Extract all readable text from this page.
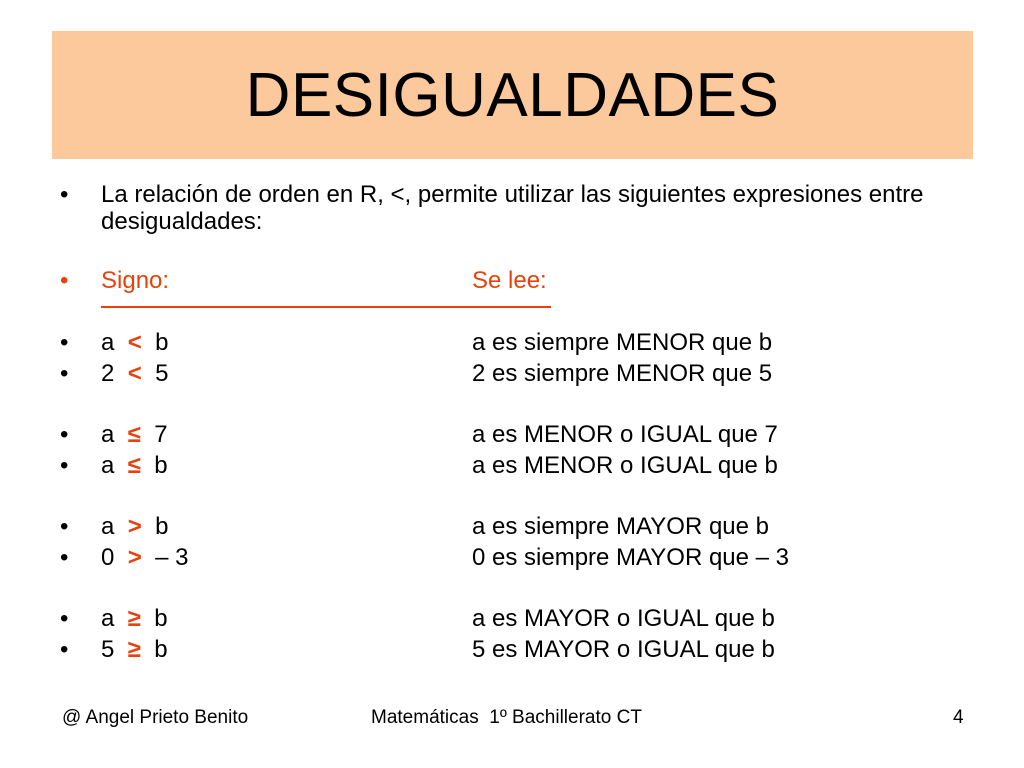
DESIGUALDADES
• La relación de orden en R, <, permite utilizar las siguientes expresiones entre desigualdades:
• Signo:	Se lee:
• a < b	a es siempre MENOR que b
• 2 < 5	2 es siempre MENOR que 5
• a ≤ 7	a es MENOR o IGUAL que 7
• a ≤ b	a es MENOR o IGUAL que b
• a > b	a es siempre MAYOR que b
• 0 > – 3	0 es siempre MAYOR que – 3
• a ≥ b	a es MAYOR o IGUAL que b
• 5 ≥ b	5 es MAYOR o IGUAL que b
@ Angel Prieto Benito	Matemáticas  1º Bachillerato CT	4
